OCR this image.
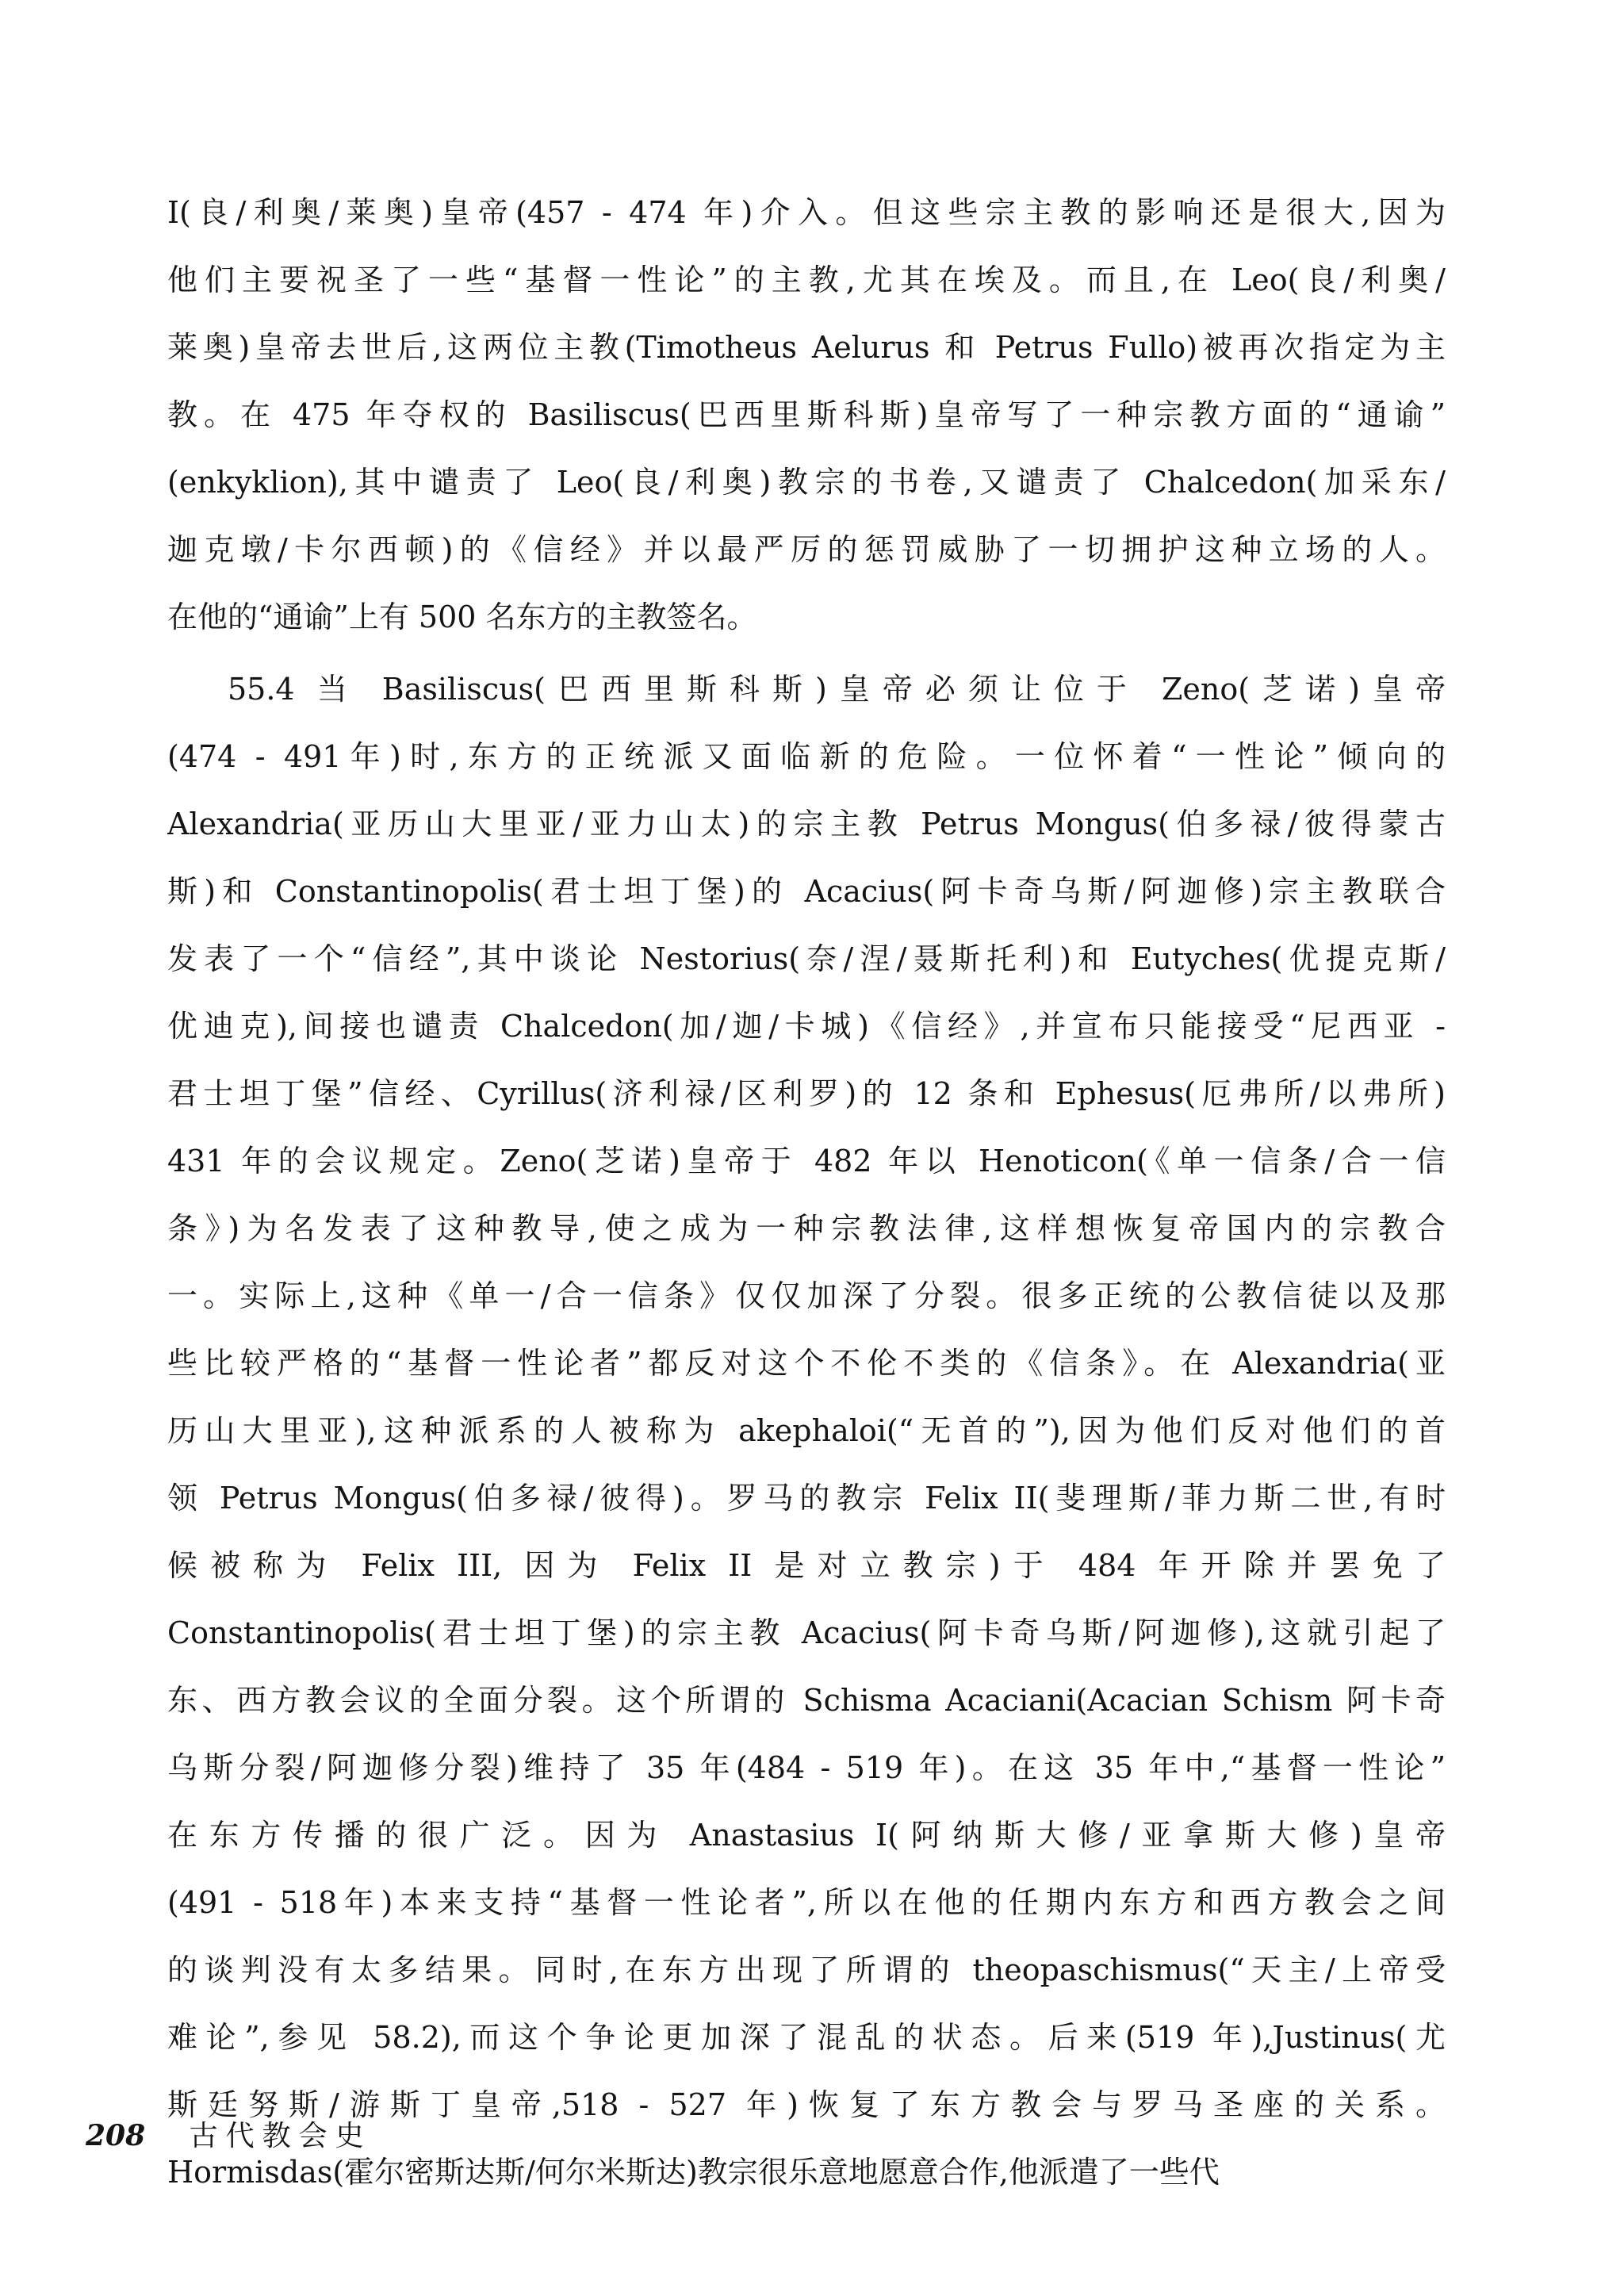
I(良/利奥/莱奥)皇帝(457 - 474 年)介入。但这些宗主教的影响还是很大,因为
他们主要祝圣了一些“基督一性论”的主教,尤其在埃及。而且,在 Leo(良/利奥/
莱奥)皇帝去世后,这两位主教(Timotheus Aelurus 和 Petrus Fullo)被再次指定为主
教。在 475 年夺权的 Basiliscus(巴西里斯科斯)皇帝写了一种宗教方面的“通谕”
(enkyklion),其中谴责了 Leo(良/利奥)教宗的书卷,又谴责了 Chalcedon(加采东/
迦克墩/卡尔西顿)的《信经》并以最严厉的惩罚威胁了一切拥护这种立场的人。
在他的“通谕”上有 500 名东方的主教签名。
55.4 当 Basiliscus(巴西里斯科斯)皇帝必须让位于 Zeno(芝诺)皇帝
(474 - 491年)时,东方的正统派又面临新的危险。一位怀着“一性论”倾向的
Alexandria(亚历山大里亚/亚力山太)的宗主教 Petrus Mongus(伯多禄/彼得蒙古
斯)和 Constantinopolis(君士坦丁堡)的 Acacius(阿卡奇乌斯/阿迦修)宗主教联合
发表了一个“信经”,其中谈论 Nestorius(奈/涅/聂斯托利)和 Eutyches(优提克斯/
优迪克),间接也谴责 Chalcedon(加/迦/卡城)《信经》,并宣布只能接受“尼西亚 -
君士坦丁堡”信经、Cyrillus(济利禄/区利罗)的 12 条和 Ephesus(厄弗所/以弗所)
431 年的会议规定。Zeno(芝诺)皇帝于 482 年以 Henoticon(《单一信条/合一信
条》)为名发表了这种教导,使之成为一种宗教法律,这样想恢复帝国内的宗教合
一。实际上,这种《单一/合一信条》仅仅加深了分裂。很多正统的公教信徒以及那
些比较严格的“基督一性论者”都反对这个不伦不类的《信条》。在 Alexandria(亚
历山大里亚),这种派系的人被称为 akephaloi(“无首的”),因为他们反对他们的首
领 Petrus Mongus(伯多禄/彼得)。罗马的教宗 Felix II(斐理斯/菲力斯二世,有时
候被称为 Felix III, 因为 Felix II 是对立教宗)于 484 年开除并罢免了
Constantinopolis(君士坦丁堡)的宗主教 Acacius(阿卡奇乌斯/阿迦修),这就引起了
东、西方教会议的全面分裂。这个所谓的 Schisma Acaciani(Acacian Schism 阿卡奇
乌斯分裂/阿迦修分裂)维持了 35 年(484 - 519 年)。在这 35 年中,“基督一性论”
在东方传播的很广泛。因为 Anastasius I(阿纳斯大修/亚拿斯大修)皇帝
(491 - 518年)本来支持“基督一性论者”,所以在他的任期内东方和西方教会之间
的谈判没有太多结果。同时,在东方出现了所谓的 theopaschismus(“天主/上帝受
难论”,参见 58.2),而这个争论更加深了混乱的状态。后来(519 年),Justinus(尤
斯廷努斯/游斯丁皇帝,518 - 527 年)恢复了东方教会与罗马圣座的关系。
Hormisdas(霍尔密斯达斯/何尔米斯达)教宗很乐意地愿意合作,他派遣了一些代
208 古代教会史
